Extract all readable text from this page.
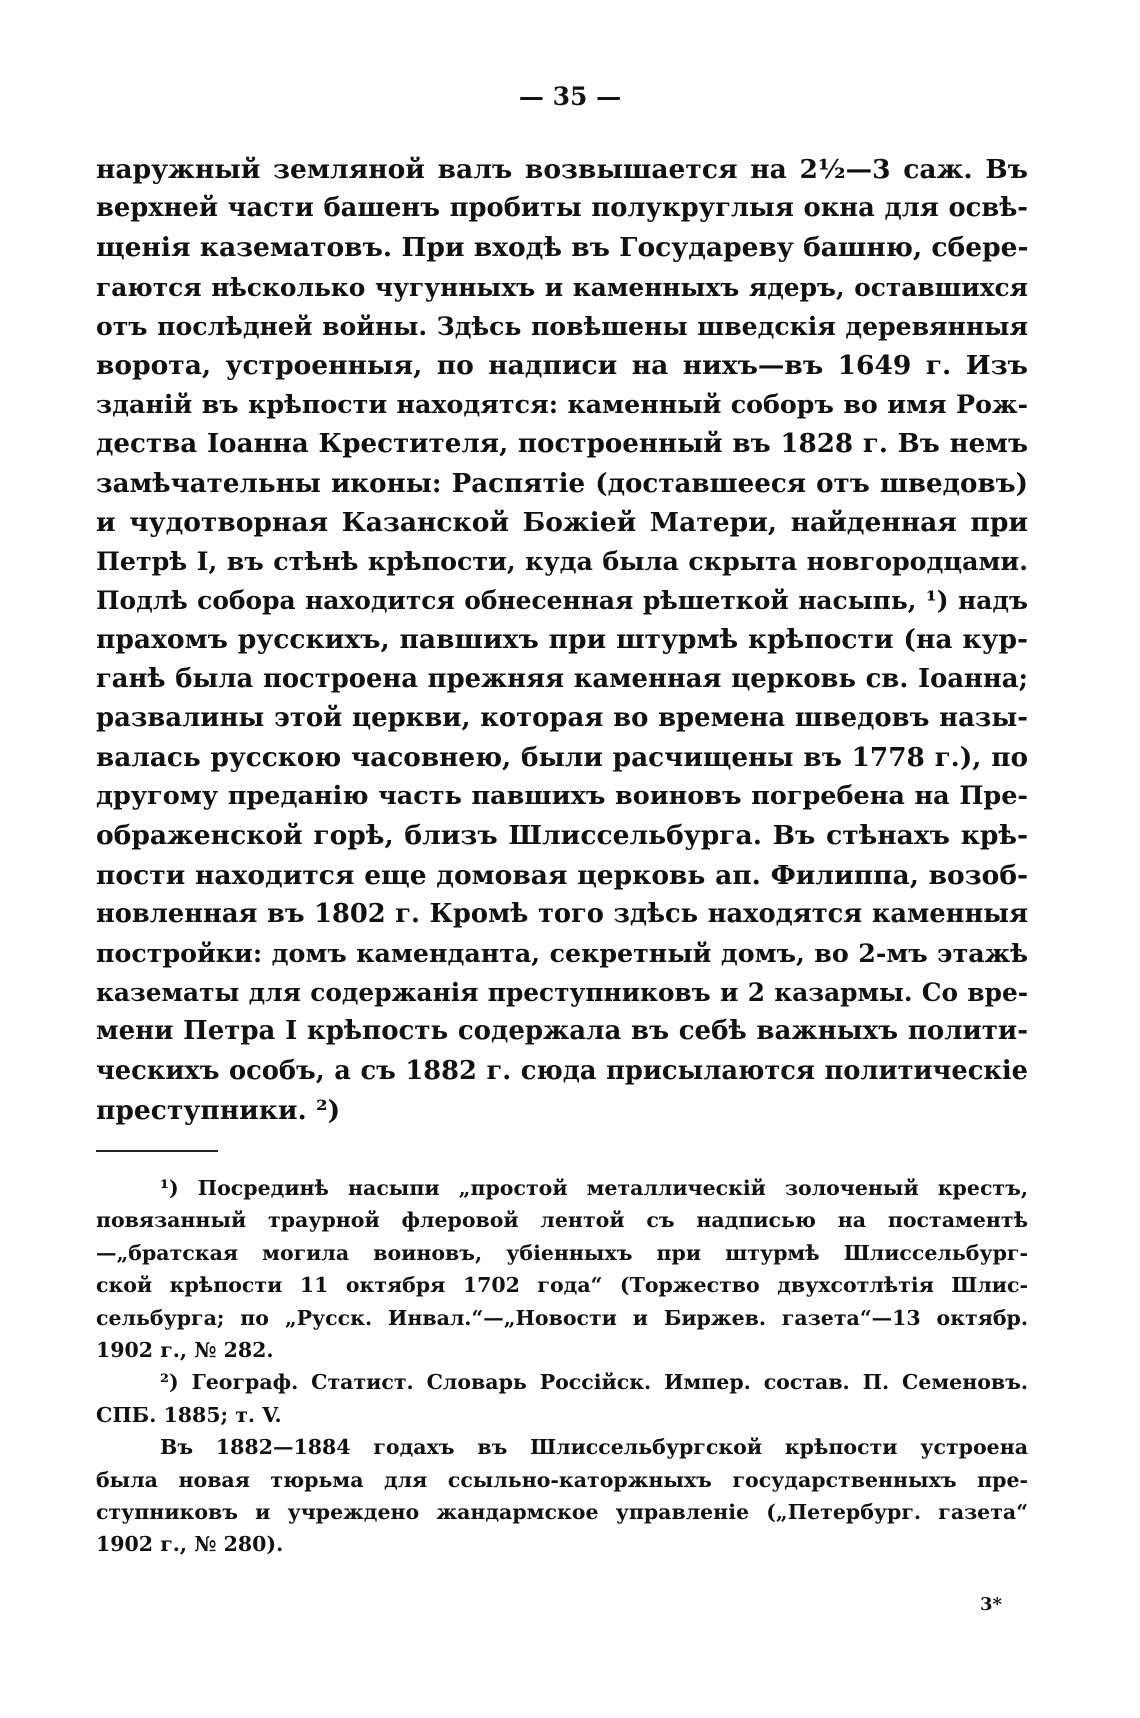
— 35 —
наружный земляной валъ возвышается на 2½—3 саж. Въ
верхней части башенъ пробиты полукруглыя окна для освѣ-
щенія казематовъ. При входѣ въ Государеву башню, сбере-
гаются нѣсколько чугунныхъ и каменныхъ ядеръ, оставшихся
отъ послѣдней войны. Здѣсь повѣшены шведскія деревянныя
ворота, устроенныя, по надписи на нихъ—въ 1649 г. Изъ
зданій въ крѣпости находятся: каменный соборъ во имя Рож-
дества Іоанна Крестителя, построенный въ 1828 г. Въ немъ
замѣчательны иконы: Распятіе (доставшееся отъ шведовъ)
и чудотворная Казанской Божіей Матери, найденная при
Петрѣ I, въ стѣнѣ крѣпости, куда была скрыта новгородцами.
Подлѣ собора находится обнесенная рѣшеткой насыпь, ¹) надъ
прахомъ русскихъ, павшихъ при штурмѣ крѣпости (на кур-
ганѣ была построена прежняя каменная церковь св. Іоанна;
развалины этой церкви, которая во времена шведовъ назы-
валась русскою часовнею, были расчищены въ 1778 г.), по
другому преданію часть павшихъ воиновъ погребена на Пре-
ображенской горѣ, близъ Шлиссельбурга. Въ стѣнахъ крѣ-
пости находится еще домовая церковь ап. Филиппа, возоб-
новленная въ 1802 г. Кромѣ того здѣсь находятся каменныя
постройки: домъ камендантa, секретный домъ, во 2-мъ этажѣ
казематы для содержанія преступниковъ и 2 казармы. Со вре-
мени Петра I крѣпость содержала въ себѣ важныхъ полити-
ческихъ особъ, а съ 1882 г. сюда присылаются политическіе
преступники. ²)
¹) Посрединѣ насыпи „простой металлическій золоченый крестъ,
повязанный траурной флеровой лентой съ надписью на постаментѣ
—„братская могила воиновъ, убіенныхъ при штурмѣ Шлиссельбург-
ской крѣпости 11 октября 1702 года“ (Торжество двухсотлѣтія Шлис-
сельбурга; по „Русск. Инвал.“—„Новости и Биржев. газета“—13 октябр.
1902 г., № 282.
²) Географ. Статист. Словарь Россійск. Импер. состав. П. Семеновъ.
СПБ. 1885; т. V.
Въ 1882—1884 годахъ въ Шлиссельбургской крѣпости устроена
была новая тюрьма для ссыльно-каторжныхъ государственныхъ пре-
ступниковъ и учреждено жандармское управленіе („Петербург. газета“
1902 г., № 280).
3*
